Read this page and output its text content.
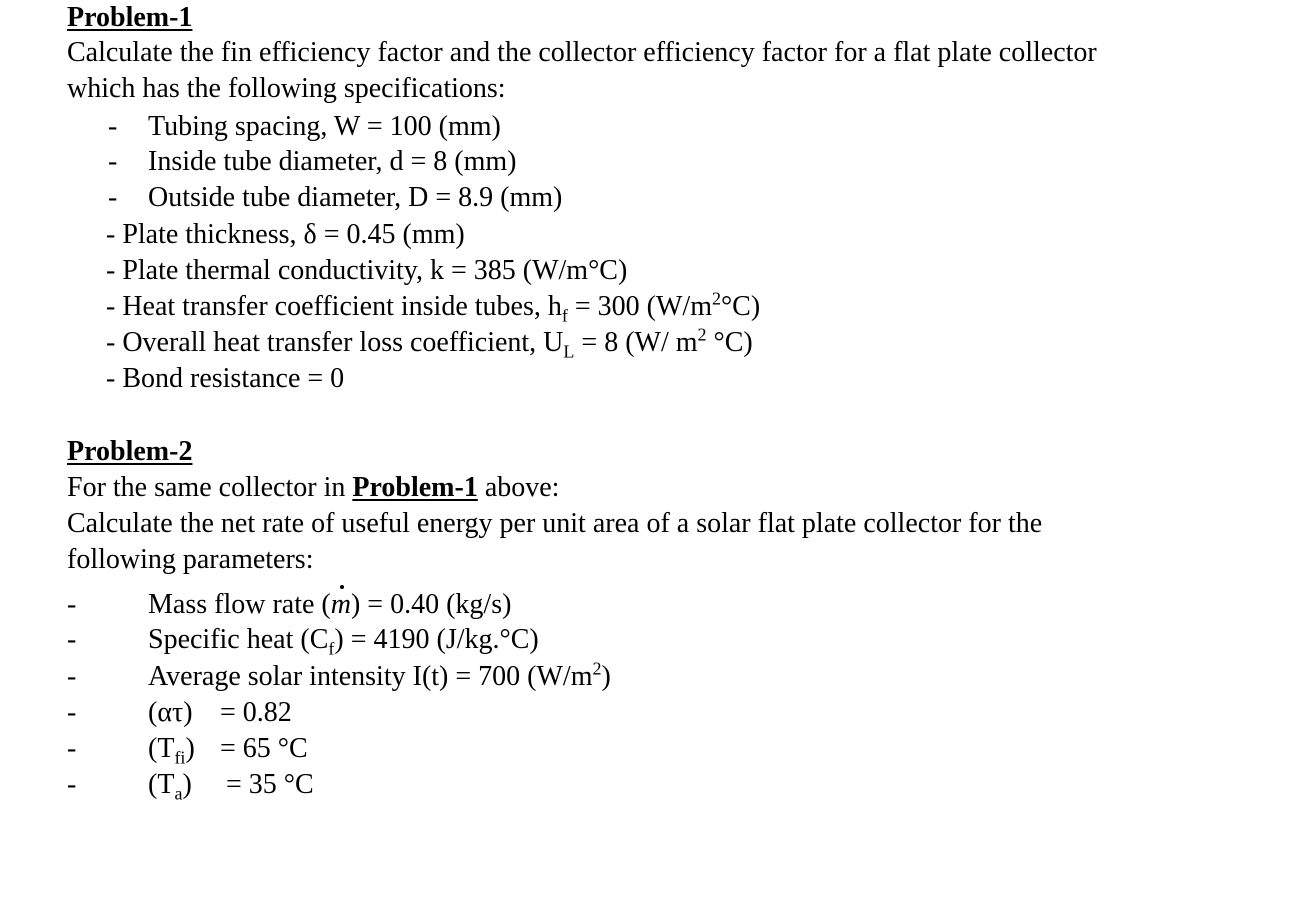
Problem-1
Calculate the fin efficiency factor and the collector efficiency factor for a flat plate collector
which has the following specifications:
- Tubing spacing, W = 100 (mm)
- Inside tube diameter, d = 8 (mm)
- Outside tube diameter, D = 8.9 (mm)
- Plate thickness, δ = 0.45 (mm)
- Plate thermal conductivity, k = 385 (W/m°C)
- Heat transfer coefficient inside tubes, $h_f = 300$ $(W/m^2^\circ C)$
- Overall heat transfer loss coefficient, $U_L = 8$ (W/ $m^2$ °C)
- Bond resistance = 0
Problem-2
For the same collector in Problem-1 above:
Calculate the net rate of useful energy per unit area of a solar flat plate collector for the
following parameters:
-	Mass flow rate (m) = 0.40 (kg/s)
-	Specific heat $(C_f) = 4190$ (J/kg.°C)
-	Average solar intensity I(t) = 700 $(W/m^2)$
-	(ατ) = 0.82
-	$(T_{fi}) = 65$ °C
-	$(T_a) = 35$ °C
